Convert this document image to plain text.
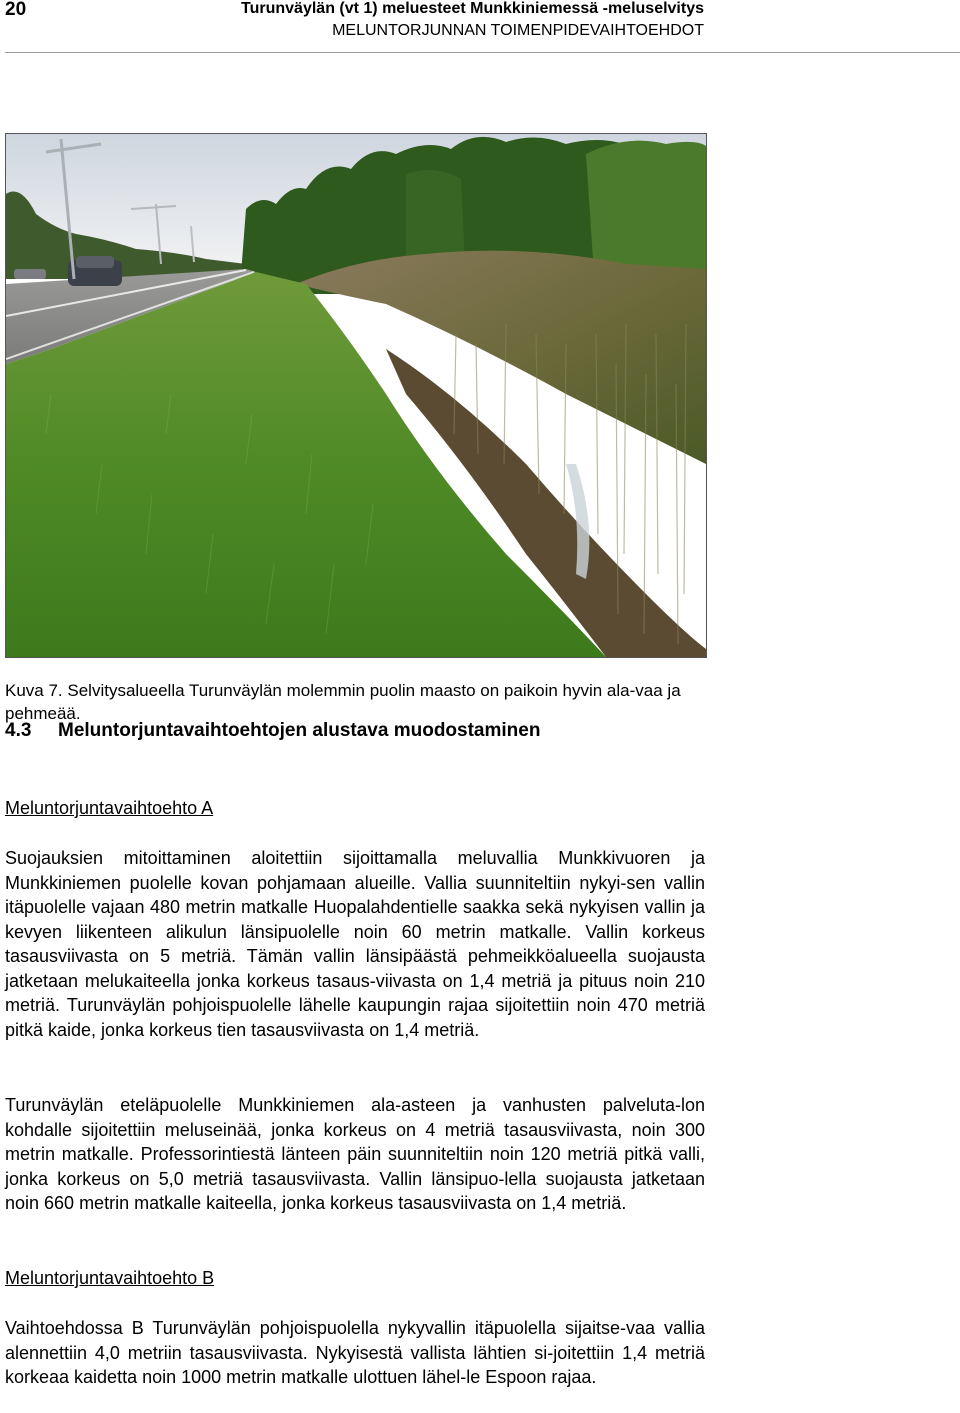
20	Turunväylän (vt 1) meluesteet Munkkiniemessä -meluselvitys
MELUNTORJUNNAN TOIMENPIDEVAIHTOEHDOT
Kuva 7. Selvitysalueella Turunväylän molemmin puolin maasto on paikoin hyvin ala-vaa ja pehmeää.
4.3 Meluntorjuntavaihtoehtojen alustava muodostaminen
Meluntorjuntavaihtoehto A
Suojauksien mitoittaminen aloitettiin sijoittamalla meluvallia Munkkivuoren ja Munkkiniemen puolelle kovan pohjamaan alueille. Vallia suunniteltiin nykyi-sen vallin itäpuolelle vajaan 480 metrin matkalle Huopalahdentielle saakka sekä nykyisen vallin ja kevyen liikenteen alikulun länsipuolelle noin 60 metrin matkalle. Vallin korkeus tasausviivasta on 5 metriä. Tämän vallin länsipäästä pehmeikköalueella suojausta jatketaan melukaiteella jonka korkeus tasaus-viivasta on 1,4 metriä ja pituus noin 210 metriä. Turunväylän pohjoispuolelle lähelle kaupungin rajaa sijoitettiin noin 470 metriä pitkä kaide, jonka korkeus tien tasausviivasta on 1,4 metriä.
Turunväylän eteläpuolelle Munkkiniemen ala-asteen ja vanhusten palveluta-lon kohdalle sijoitettiin meluseinää, jonka korkeus on 4 metriä tasausviivasta, noin 300 metrin matkalle. Professorintiestä länteen päin suunniteltiin noin 120 metriä pitkä valli, jonka korkeus on 5,0 metriä tasausviivasta. Vallin länsipuo-lella suojausta jatketaan noin 660 metrin matkalle kaiteella, jonka korkeus tasausviivasta on 1,4 metriä.
Meluntorjuntavaihtoehto B
Vaihtoehdossa B Turunväylän pohjoispuolella nykyvallin itäpuolella sijaitse-vaa vallia alennettiin 4,0 metriin tasausviivasta. Nykyisestä vallista lähtien si-joitettiin 1,4 metriä korkeaa kaidetta noin 1000 metrin matkalle ulottuen lähel-le Espoon rajaa.
